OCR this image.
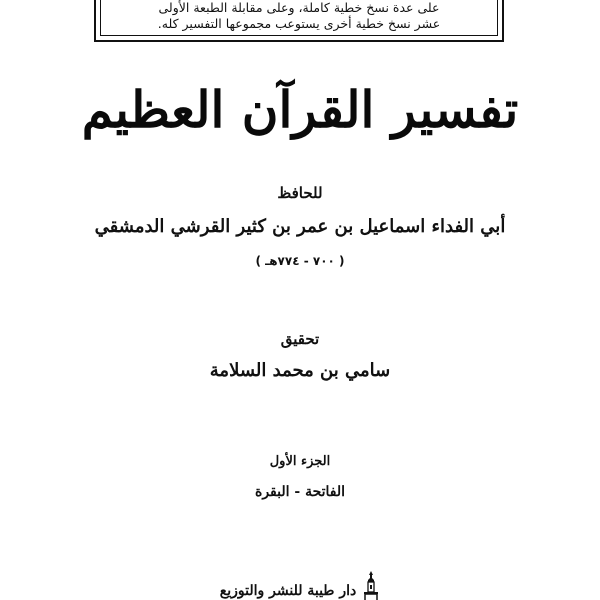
على عدة نسخ خطية كاملة، وعلى مقابلة الطبعة الأولى
عشر نسخ خطية أخرى يستوعب مجموعها التفسير كله.
تفسير القرآن العظيم
للحافظ
أبي الفداء اسماعيل بن عمر بن كثير القرشي الدمشقي
( ٧٠٠ - ٧٧٤هـ )
تحقيق
سامي بن محمد السلامة
الجزء الأول
الفاتحة - البقرة
دار طيبة للنشر والتوزيع
